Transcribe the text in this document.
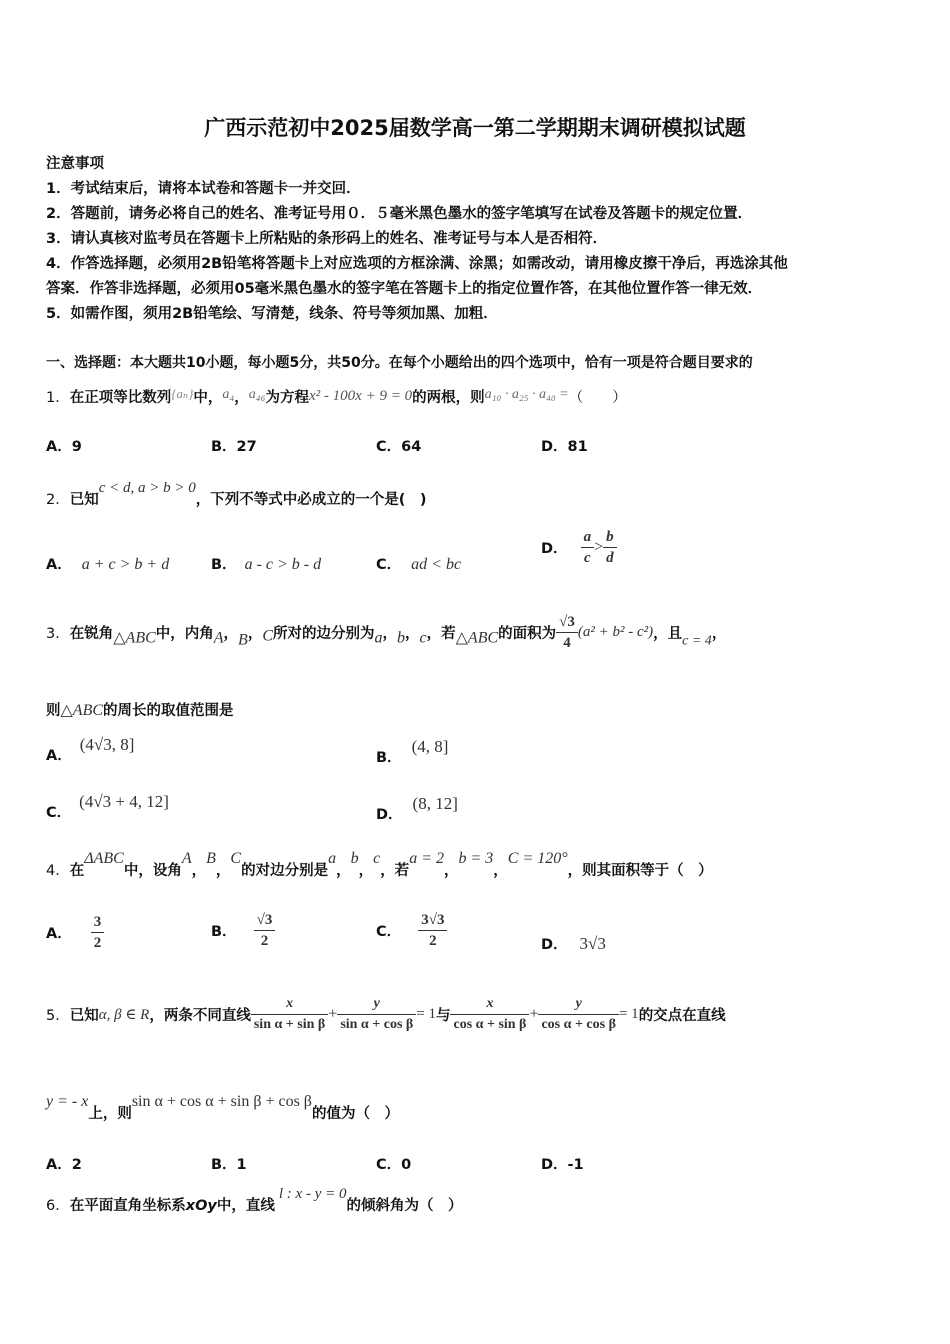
广西示范初中2025届数学高一第二学期期末调研模拟试题
注意事项
1．考试结束后，请将本试卷和答题卡一并交回．
2．答题前，请务必将自己的姓名、准考证号用０．５毫米黑色墨水的签字笔填写在试卷及答题卡的规定位置．
3．请认真核对监考员在答题卡上所粘贴的条形码上的姓名、准考证号与本人是否相符．
4．作答选择题，必须用2B铅笔将答题卡上对应选项的方框涂满、涂黑；如需改动，请用橡皮擦干净后，再选涂其他
答案．作答非选择题，必须用05毫米黑色墨水的签字笔在答题卡上的指定位置作答，在其他位置作答一律无效．
5．如需作图，须用2B铅笔绘、写清楚，线条、符号等须加黑、加粗．
一、选择题：本大题共10小题，每小题5分，共50分。在每个小题给出的四个选项中，恰有一项是符合题目要求的
1．在正项等比数列{aₙ}中，a₄，a₄₆为方程x² - 100x + 9 = 0的两根，则a₁₀ · a₂₅ · a₄₀ =（　　）
A．9	B．27	C．64	D．81
2．已知c < d, a > b > 0，下列不等式中必成立的一个是(　)
A． a + c > b + d	B． a - c > b - d	C． ad < bc
D． $\frac{a}{c} > \frac{b}{d}$
3．在锐角△ABC中，内角A，B，C所对的边分别为a，b，c，若△ABC的面积为 $\frac{√3}{4} (a^2 + b^2 - c^2)$，且c = 4，
则△ABC的周长的取值范围是
A．(4√3, 8]
B．(4, 8]
C．(4√3 + 4, 12]
D．(8, 12]
4．在ΔABC中，设角A，B，C的对边分别是a，b，c，若a = 2，b = 3，C = 120°，则其面积等于（　）
A． $\frac{3}{2}$	B． $\frac{√3}{2}$	C． $\frac{3√3}{2}$	D． 3√3
5．已知α, β ∈ R，两条不同直线 $\frac{x}{\text{sin α + sin β}} + \frac{y}{\text{sin α + cos β}} = 1$与 $\frac{x}{\text{cos α + sin β}} + \frac{y}{\text{cos α + cos β}} = 1$的交点在直线
y = - x上，则sin α + cos α + sin β + cos β的值为（　）
A．2	B．1	C．0	D．-1
6．在平面直角坐标系xOy中，直线l : x - y = 0的倾斜角为（　）
